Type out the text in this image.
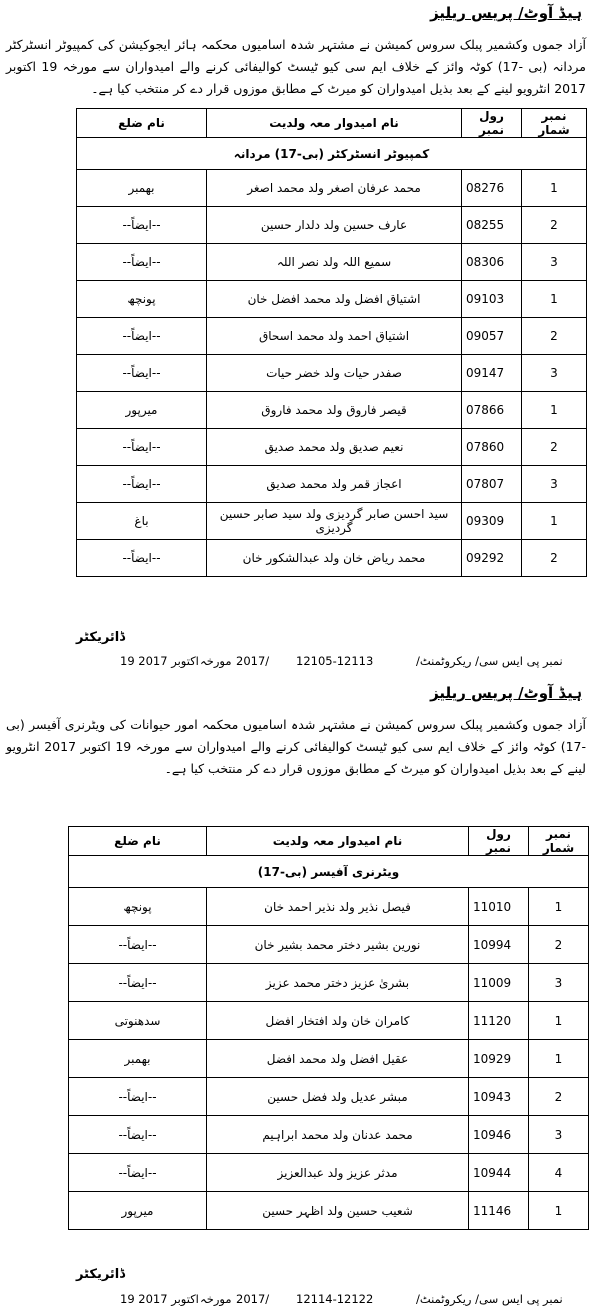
ہیڈ آوٹ/ پریس ریلیز
آزاد جموں وکشمیر پبلک سروس کمیشن نے مشتہر شدہ اسامیوں محکمہ ہائر ایجوکیشن کی کمپیوٹر انسٹرکٹر مردانہ (بی -17) کوٹہ وائز کے خلاف ایم سی کیو ٹیسٹ کوالیفائی کرنے والے امیدواران سے مورخہ 19 اکتوبر 2017 انٹرویو لینے کے بعد بذیل امیدواران کو میرٹ کے مطابق موزوں قرار دے کر منتخب کیا ہے۔
نمبر شمار	رول نمبر	نام امیدوار معہ ولدیت	نام ضلع
کمپیوٹر انسٹرکٹر (بی-17) مردانہ			
1	08276	محمد عرفان اصغر ولد محمد اصغر	بھمبر
2	08255	عارف حسین ولد دلدار حسین	--ایضاً--
3	08306	سمیع اللہ ولد نصر اللہ	--ایضاً--
1	09103	اشتیاق افضل ولد محمد افضل خان	پونچھ
2	09057	اشتیاق احمد ولد محمد اسحاق	--ایضاً--
3	09147	صفدر حیات ولد خضر حیات	--ایضاً--
1	07866	قیصر فاروق ولد محمد فاروق	میرپور
2	07860	نعیم صدیق ولد محمد صدیق	--ایضاً--
3	07807	اعجاز قمر ولد محمد صدیق	--ایضاً--
1	09309	سید احسن صابر گردیزی ولد سید صابر حسین گردیزی	باغ
2	09292	محمد ریاض خان ولد عبدالشکور خان	--ایضاً--
ڈائریکٹر
19 اکتوبر 2017 مورخہ 2017/ 12105-12113	نمبر پی ایس سی/ ریکروٹمنٹ/
ہیڈ آوٹ/ پریس ریلیز
آزاد جموں وکشمیر پبلک سروس کمیشن نے مشتہر شدہ اسامیوں محکمہ امور حیوانات کی ویٹرنری آفیسر (بی -17) کوٹہ وائز کے خلاف ایم سی کیو ٹیسٹ کوالیفائی کرنے والے امیدواران سے مورخہ 19 اکتوبر 2017 انٹرویو لینے کے بعد بذیل امیدواران کو میرٹ کے مطابق موزوں قرار دے کر منتخب کیا ہے۔
نمبر شمار	رول نمبر	نام امیدوار معہ ولدیت	نام ضلع
ویٹرنری آفیسر (بی-17)			
1	11010	فیصل نذیر ولد نذیر احمد خان	پونچھ
2	10994	نورین بشیر دختر محمد بشیر خان	--ایضاً--
3	11009	بشریٰ عزیز دختر محمد عزیز	--ایضاً--
1	11120	کامران خان ولد افتخار افضل	سدھنوتی
1	10929	عقیل افضل ولد محمد افضل	بھمبر
2	10943	مبشر عدیل ولد فضل حسین	--ایضاً--
3	10946	محمد عدنان ولد محمد ابراہیم	--ایضاً--
4	10944	مدثر عزیز ولد عبدالعزیز	--ایضاً--
1	11146	شعیب حسین ولد اظہر حسین	میرپور
ڈائریکٹر
19 اکتوبر 2017 مورخہ 2017/ 12114-12122	نمبر پی ایس سی/ ریکروٹمنٹ/
